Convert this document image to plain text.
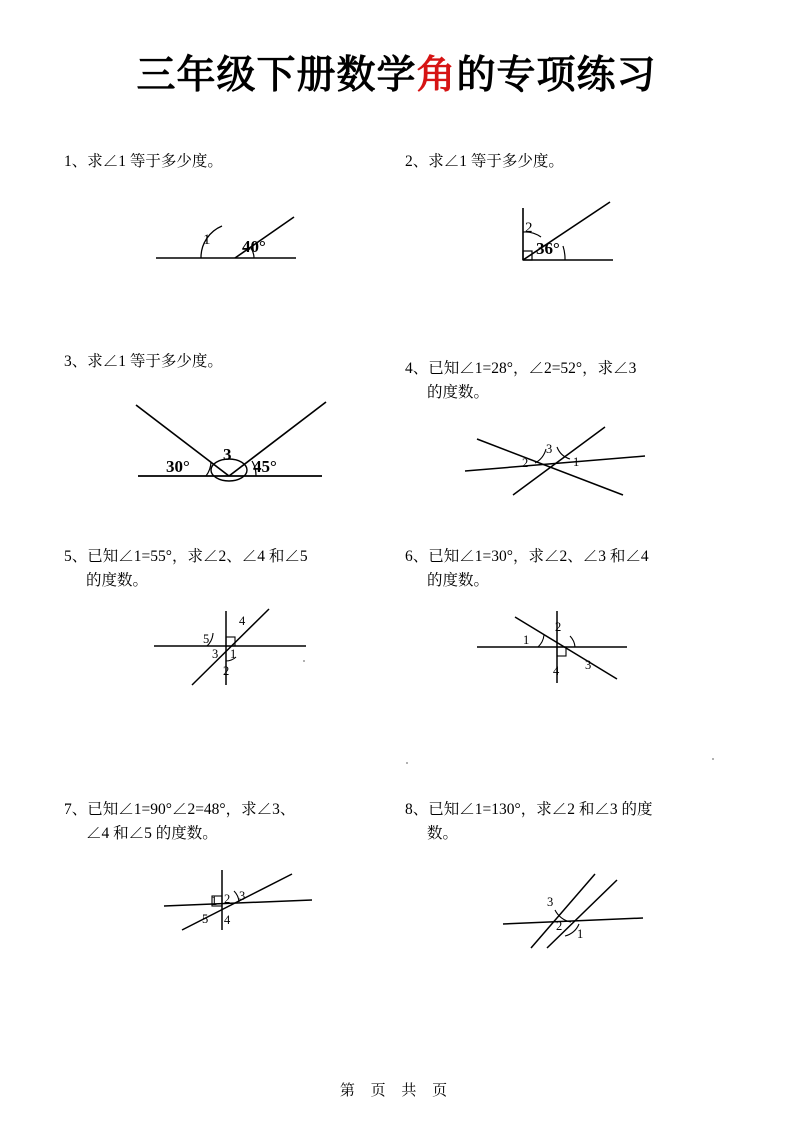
三年级下册数学角的专项练习
1、求∠1 等于多少度。
1 40°
2、求∠1 等于多少度。
2
36°
3、求∠1 等于多少度。
30°
3
45°
4、已知∠1=28°，∠2=52°，求∠3
的度数。
2
3
1
5、已知∠1=55°，求∠2、∠4 和∠5
的度数。
4
5
3 1
2
6、已知∠1=30°，求∠2、∠3 和∠4
的度数。
1
2
4 3
7、已知∠1=90°∠2=48°，求∠3、
∠4 和∠5 的度数。
1 2 3
5 4
8、已知∠1=130°，求∠2 和∠3 的度
数。
3
2
1
第 页 共 页
